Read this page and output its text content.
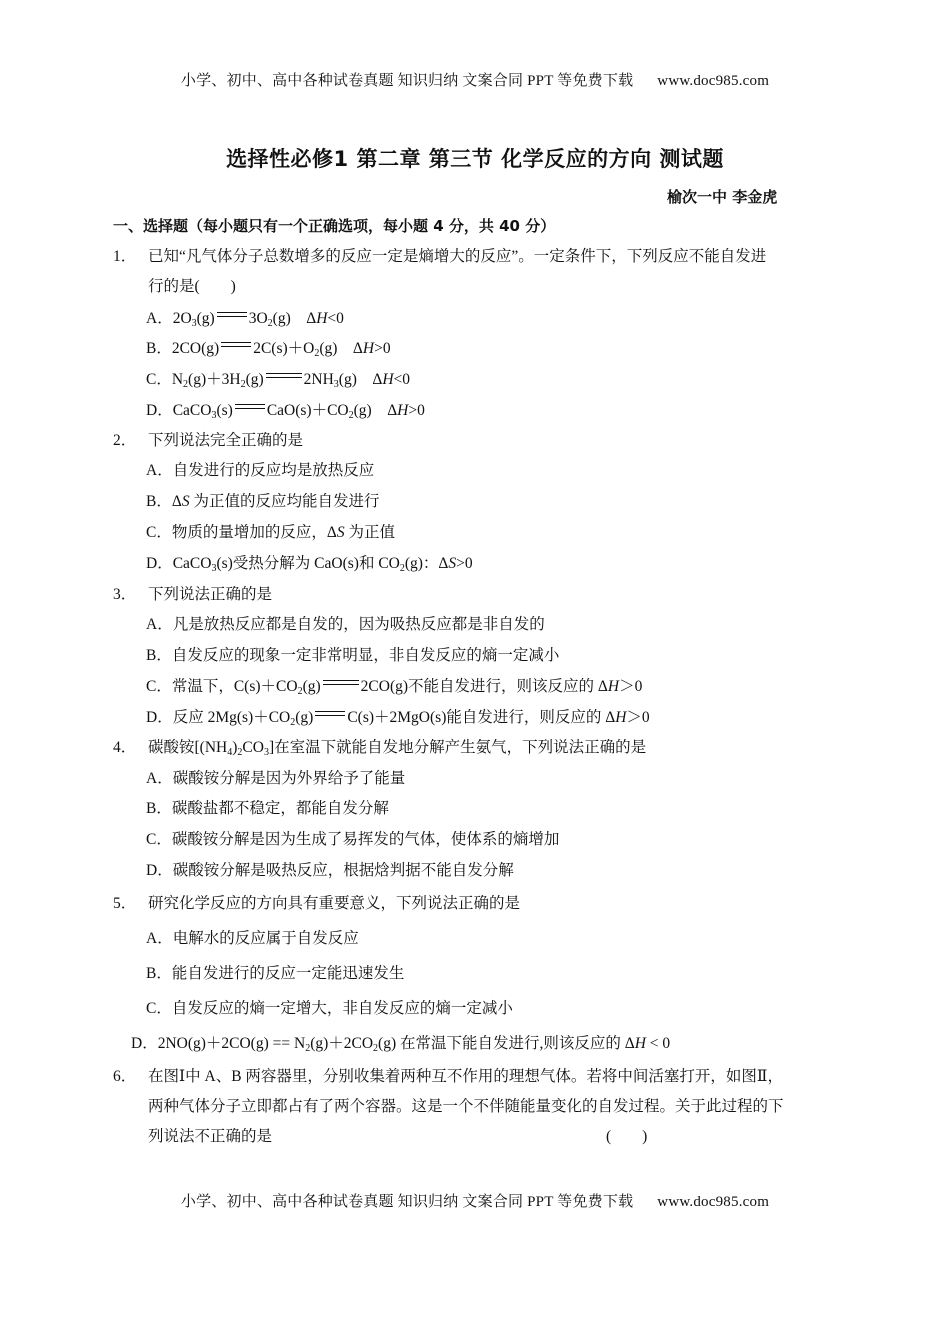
小学、初中、高中各种试卷真题 知识归纳 文案合同 PPT 等免费下载 www.doc985.com
选择性必修1 第二章 第三节 化学反应的方向 测试题
榆次一中 李金虎
一、选择题（每小题只有一个正确选项，每小题 4 分，共 40 分）
1． 已知“凡气体分子总数增多的反应一定是熵增大的反应”。一定条件下，下列反应不能自发进
行的是(　　)
A．$2O_3(g)$ $3O_2(g)$    ΔH<0
B．2CO(g) $2C(s)+O_2(g)$    ΔH>0
C．$N_2(g)+3H_2(g)$	$2NH_3(g)$    ΔH<0
D．CaCO$_3$(s) $CaO(s)+CO_2(g)$    ΔH>0
2． 下列说法完全正确的是
A．自发进行的反应均是放热反应
B．ΔS 为正值的反应均能自发进行
C．物质的量增加的反应，ΔS 为正值
D．CaCO$_3$(s)受热分解为 CaO(s)和 $CO_2(g)$：ΔS>0
3． 下列说法正确的是
A．凡是放热反应都是自发的，因为吸热反应都是非自发的
B．自发反应的现象一定非常明显，非自发反应的熵一定减小
C．常温下，$C(s)+CO_2(g)$	2CO(g)不能自发进行，则该反应的 ΔH＞0
D．反应 $2Mg(s)+CO_2(g)$ C(s)＋2MgO(s)能自发进行，则反应的 ΔH＞0
4． 碳酸铵$[(NH_4)_2CO_3]$在室温下就能自发地分解产生氨气，下列说法正确的是
A．碳酸铵分解是因为外界给予了能量
B．碳酸盐都不稳定，都能自发分解
C．碳酸铵分解是因为生成了易挥发的气体，使体系的熵增加
D．碳酸铵分解是吸热反应，根据焓判据不能自发分解
5． 研究化学反应的方向具有重要意义，下列说法正确的是
A．电解水的反应属于自发反应
B．能自发进行的反应一定能迅速发生
C．自发反应的熵一定增大，非自发反应的熵一定减小
D．$2NO(g)+2CO(g) == N_2(g)+2CO_2(g)$ 在常温下能自发进行,则该反应的 ΔH < 0
6． 在图Ⅰ中 A、B 两容器里，分别收集着两种互不作用的理想气体。若将中间活塞打开，如图Ⅱ，
两种气体分子立即都占有了两个容器。这是一个不伴随能量变化的自发过程。关于此过程的下
列说法不正确的是	(　　)
小学、初中、高中各种试卷真题 知识归纳 文案合同 PPT 等免费下载 www.doc985.com
